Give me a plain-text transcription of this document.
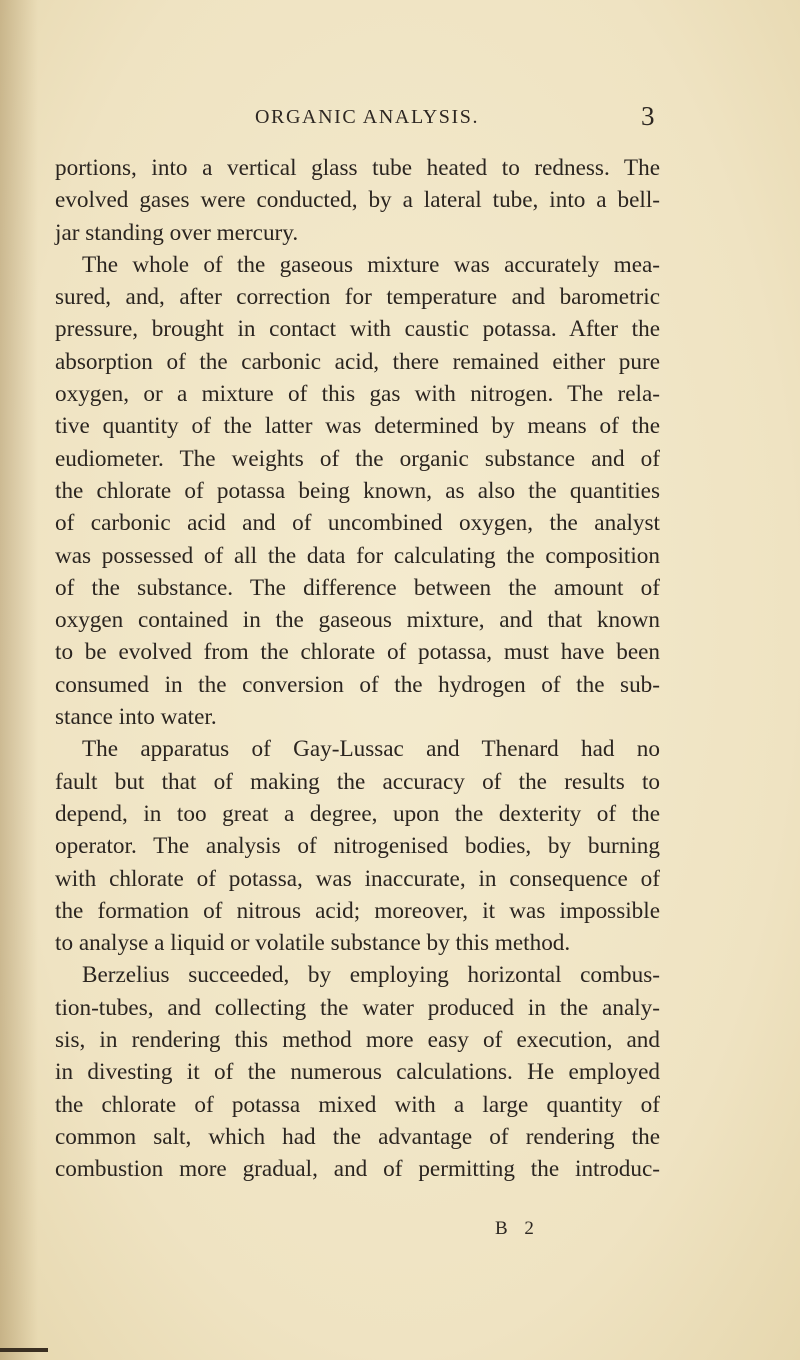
ORGANIC ANALYSIS.	3
portions, into a vertical glass tube heated to redness. The
evolved gases were conducted, by a lateral tube, into a bell-
jar standing over mercury.
The whole of the gaseous mixture was accurately mea-
sured, and, after correction for temperature and barometric
pressure, brought in contact with caustic potassa. After the
absorption of the carbonic acid, there remained either pure
oxygen, or a mixture of this gas with nitrogen. The rela-
tive quantity of the latter was determined by means of the
eudiometer. The weights of the organic substance and of
the chlorate of potassa being known, as also the quantities
of carbonic acid and of uncombined oxygen, the analyst
was possessed of all the data for calculating the composition
of the substance. The difference between the amount of
oxygen contained in the gaseous mixture, and that known
to be evolved from the chlorate of potassa, must have been
consumed in the conversion of the hydrogen of the sub-
stance into water.
The apparatus of Gay-Lussac and Thenard had no
fault but that of making the accuracy of the results to
depend, in too great a degree, upon the dexterity of the
operator. The analysis of nitrogenised bodies, by burning
with chlorate of potassa, was inaccurate, in consequence of
the formation of nitrous acid; moreover, it was impossible
to analyse a liquid or volatile substance by this method.
Berzelius succeeded, by employing horizontal combus-
tion-tubes, and collecting the water produced in the analy-
sis, in rendering this method more easy of execution, and
in divesting it of the numerous calculations. He employed
the chlorate of potassa mixed with a large quantity of
common salt, which had the advantage of rendering the
combustion more gradual, and of permitting the introduc-
B 2
